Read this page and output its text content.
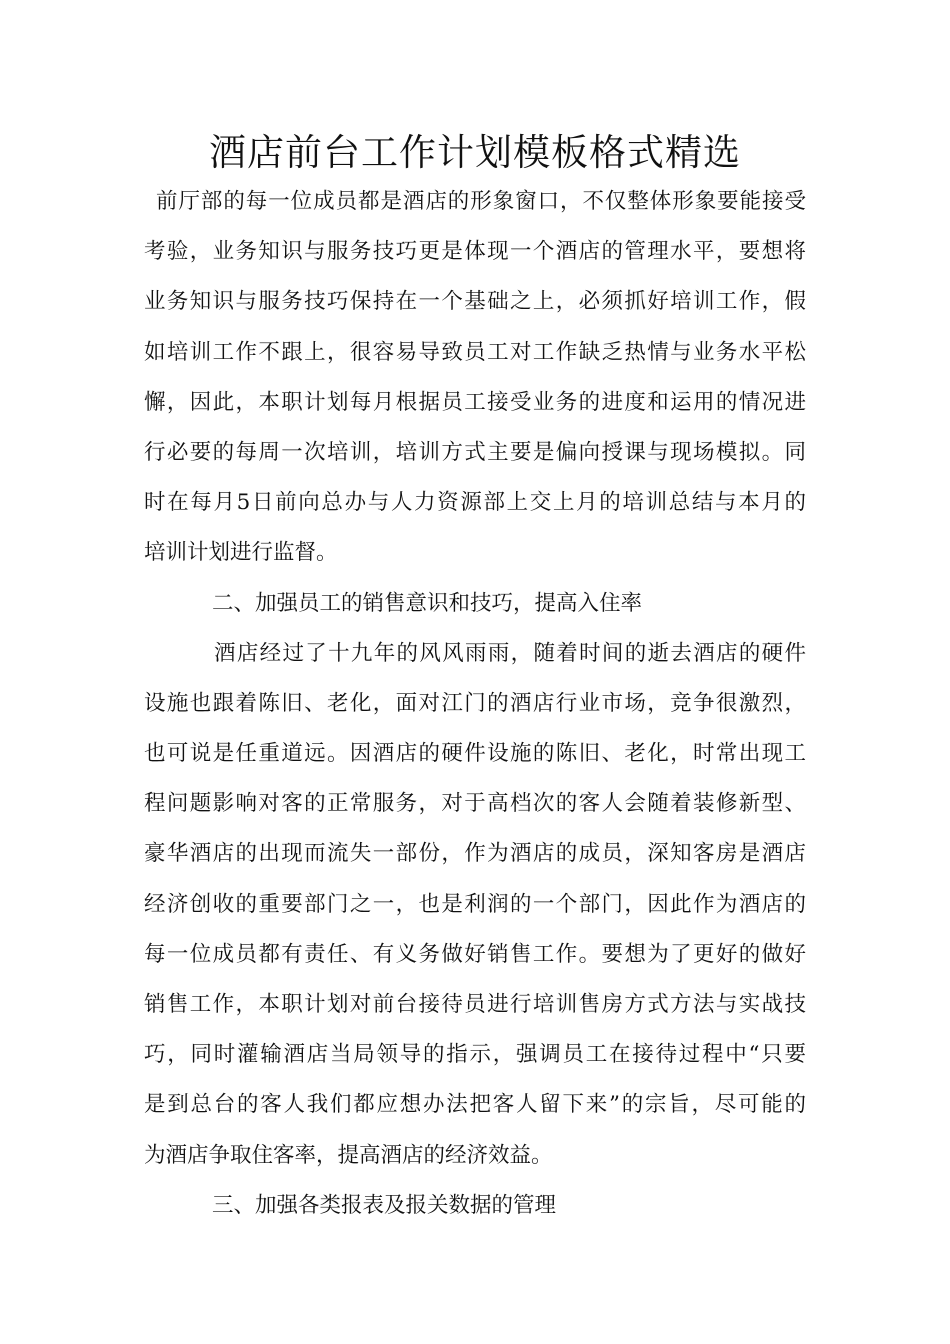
酒店前台工作计划模板格式精选
前厅部的每一位成员都是酒店的形象窗口，不仅整体形象要能接受
考验，业务知识与服务技巧更是体现一个酒店的管理水平，要想将
业务知识与服务技巧保持在一个基础之上，必须抓好培训工作，假
如培训工作不跟上，很容易导致员工对工作缺乏热情与业务水平松
懈，因此，本职计划每月根据员工接受业务的进度和运用的情况进
行必要的每周一次培训，培训方式主要是偏向授课与现场模拟。同
时在每月5日前向总办与人力资源部上交上月的培训总结与本月的
培训计划进行监督。
二、加强员工的销售意识和技巧，提高入住率
酒店经过了十九年的风风雨雨，随着时间的逝去酒店的硬件
设施也跟着陈旧、老化，面对江门的酒店行业市场，竞争很激烈，
也可说是任重道远。因酒店的硬件设施的陈旧、老化，时常出现工
程问题影响对客的正常服务，对于高档次的客人会随着装修新型、
豪华酒店的出现而流失一部份，作为酒店的成员，深知客房是酒店
经济创收的重要部门之一，也是利润的一个部门，因此作为酒店的
每一位成员都有责任、有义务做好销售工作。要想为了更好的做好
销售工作，本职计划对前台接待员进行培训售房方式方法与实战技
巧，同时灌输酒店当局领导的指示，强调员工在接待过程中“只要
是到总台的客人我们都应想办法把客人留下来”的宗旨，尽可能的
为酒店争取住客率，提高酒店的经济效益。
三、加强各类报表及报关数据的管理
